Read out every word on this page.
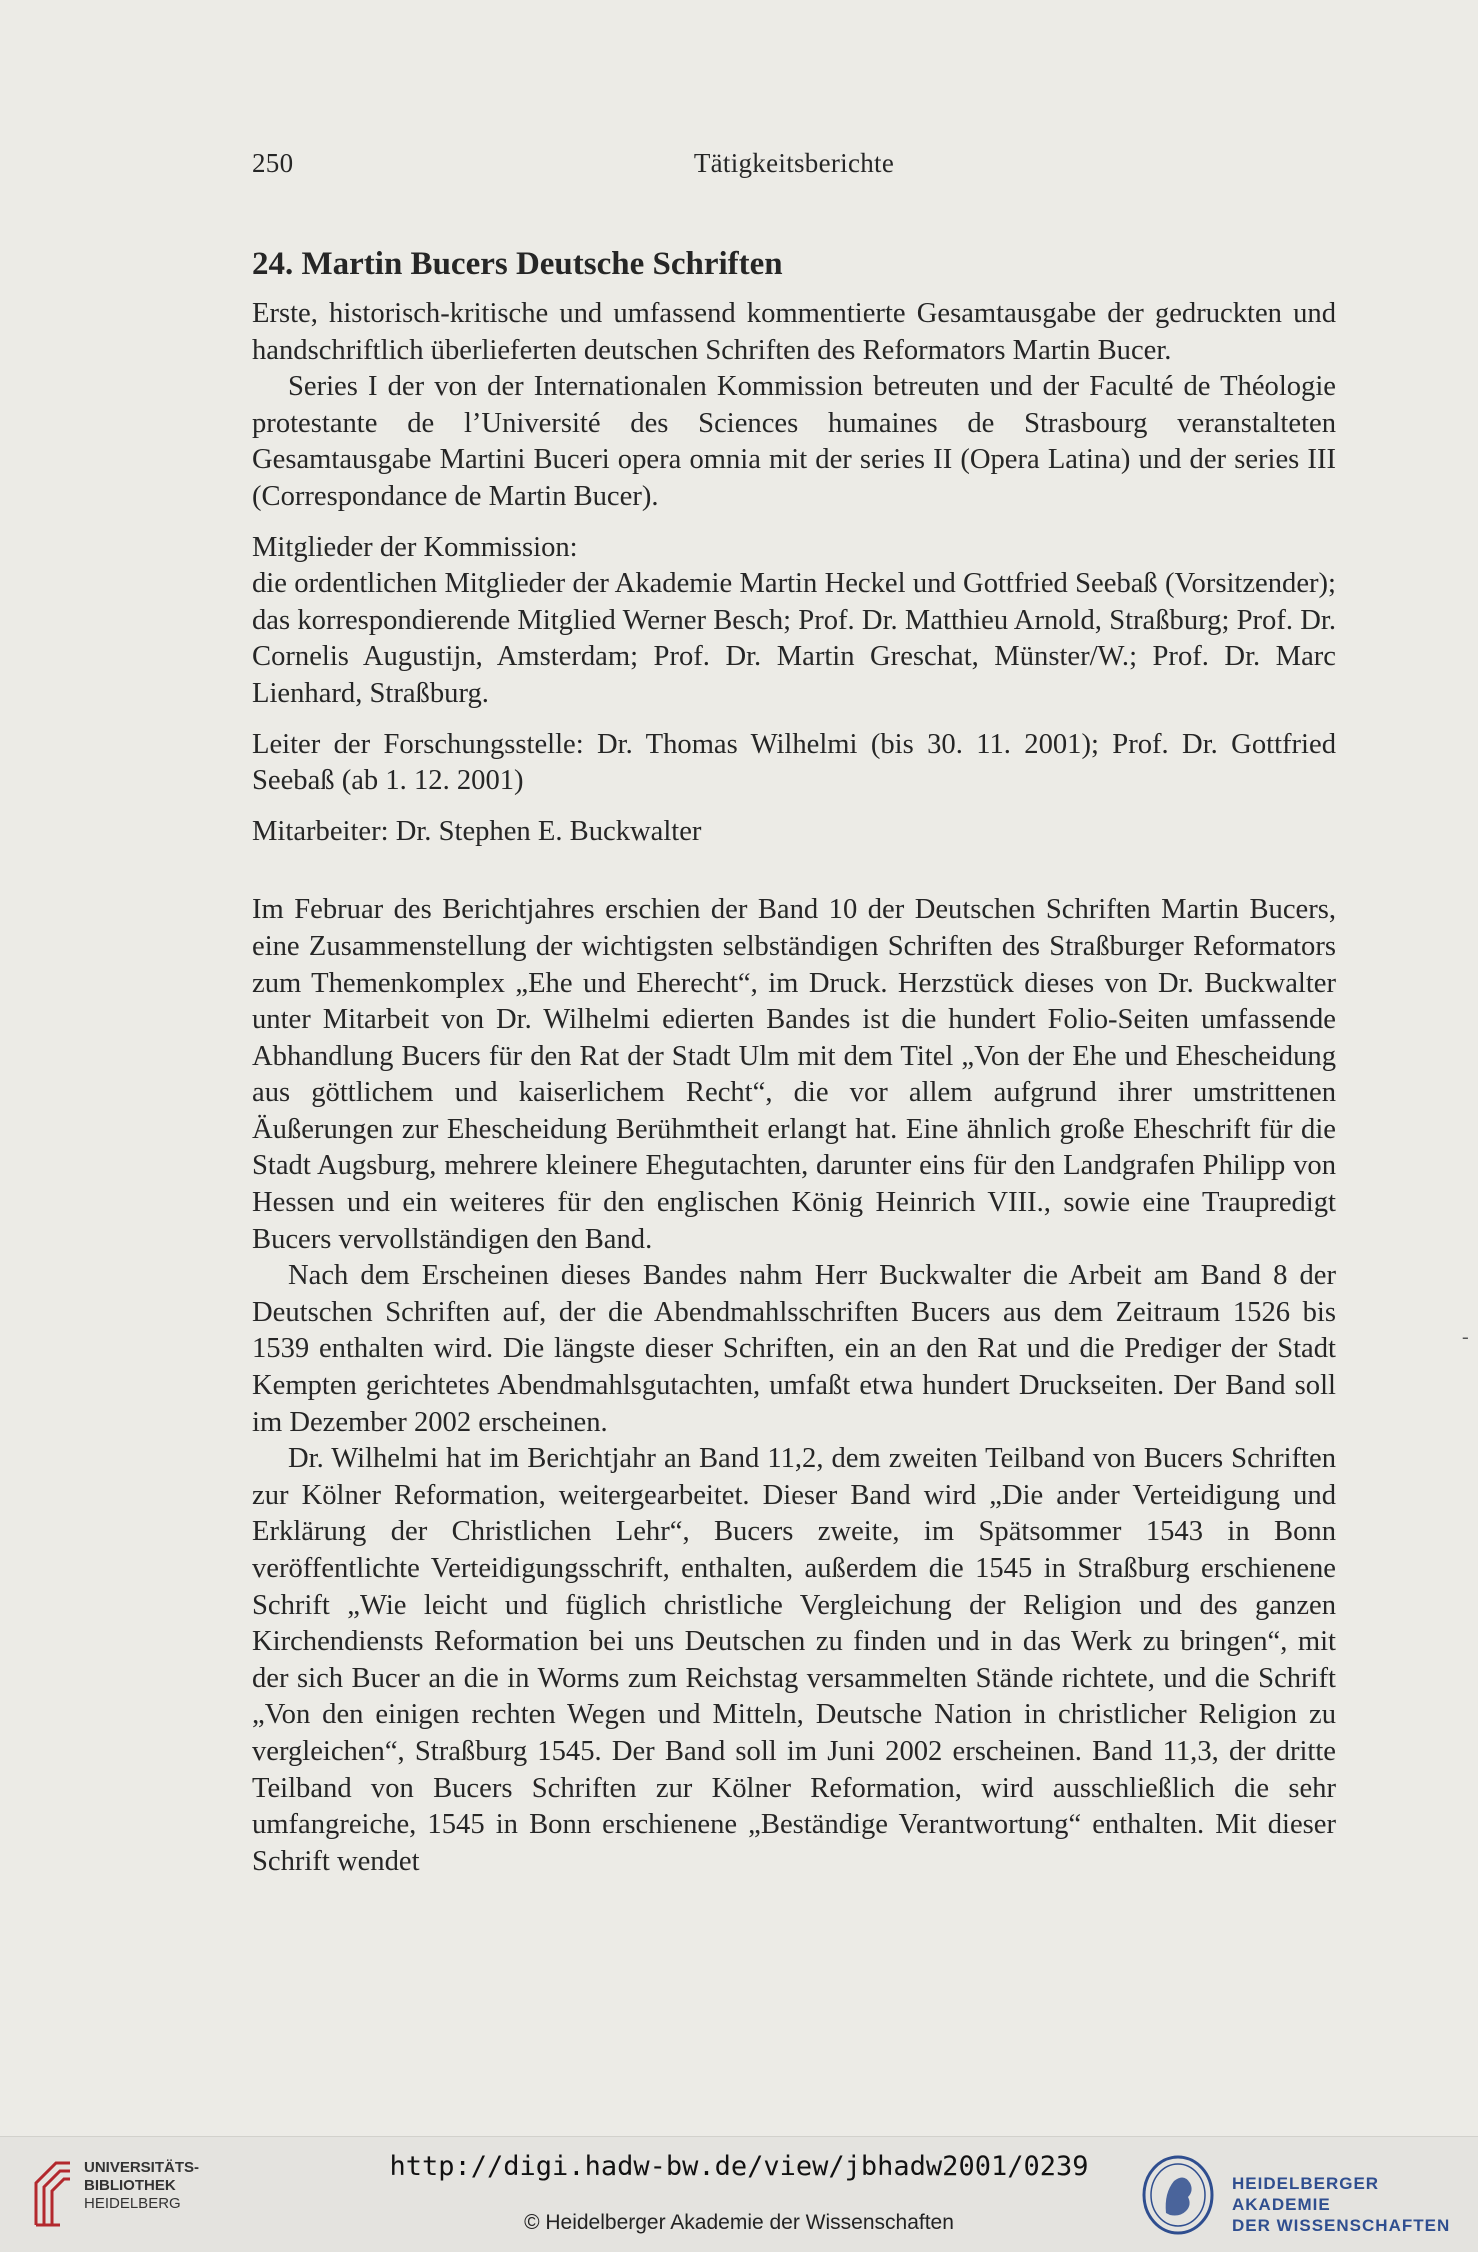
250	Tätigkeitsberichte
24. Martin Bucers Deutsche Schriften

Erste, historisch-kritische und umfassend kommentierte Gesamtausgabe der gedruckten und handschriftlich überlieferten deutschen Schriften des Reformators Martin Bucer.

Series I der von der Internationalen Kommission betreuten und der Faculté de Théologie protestante de l’Université des Sciences humaines de Strasbourg veranstalteten Gesamtausgabe Martini Buceri opera omnia mit der series II (Opera Latina) und der series III (Correspondance de Martin Bucer).

Mitglieder der Kommission:

die ordentlichen Mitglieder der Akademie Martin Heckel und Gottfried Seebaß (Vorsitzender); das korrespondierende Mitglied Werner Besch; Prof. Dr. Matthieu Arnold, Straßburg; Prof. Dr. Cornelis Augustijn, Amsterdam; Prof. Dr. Martin Greschat, Münster/W.; Prof. Dr. Marc Lienhard, Straßburg.

Leiter der Forschungsstelle: Dr. Thomas Wilhelmi (bis 30. 11. 2001); Prof. Dr. Gottfried Seebaß (ab 1. 12. 2001)

Mitarbeiter: Dr. Stephen E. Buckwalter

Im Februar des Berichtjahres erschien der Band 10 der Deutschen Schriften Martin Bucers, eine Zusammenstellung der wichtigsten selbständigen Schriften des Straßburger Reformators zum Themenkomplex „Ehe und Eherecht“, im Druck. Herzstück dieses von Dr. Buckwalter unter Mitarbeit von Dr. Wilhelmi edierten Bandes ist die hundert Folio-Seiten umfassende Abhandlung Bucers für den Rat der Stadt Ulm mit dem Titel „Von der Ehe und Ehescheidung aus göttlichem und kaiserlichem Recht“, die vor allem aufgrund ihrer umstrittenen Äußerungen zur Ehescheidung Berühmtheit erlangt hat. Eine ähnlich große Eheschrift für die Stadt Augsburg, mehrere kleinere Ehegutachten, darunter eins für den Landgrafen Philipp von Hessen und ein weiteres für den englischen König Heinrich VIII., sowie eine Traupredigt Bucers vervollständigen den Band.

Nach dem Erscheinen dieses Bandes nahm Herr Buckwalter die Arbeit am Band 8 der Deutschen Schriften auf, der die Abendmahlsschriften Bucers aus dem Zeitraum 1526 bis 1539 enthalten wird. Die längste dieser Schriften, ein an den Rat und die Prediger der Stadt Kempten gerichtetes Abendmahlsgutachten, umfaßt etwa hundert Druckseiten. Der Band soll im Dezember 2002 erscheinen.

Dr. Wilhelmi hat im Berichtjahr an Band 11,2, dem zweiten Teilband von Bucers Schriften zur Kölner Reformation, weitergearbeitet. Dieser Band wird „Die ander Verteidigung und Erklärung der Christlichen Lehr“, Bucers zweite, im Spätsommer 1543 in Bonn veröffentlichte Verteidigungsschrift, enthalten, außerdem die 1545 in Straßburg erschienene Schrift „Wie leicht und füglich christliche Vergleichung der Religion und des ganzen Kirchendiensts Reformation bei uns Deutschen zu finden und in das Werk zu bringen“, mit der sich Bucer an die in Worms zum Reichstag versammelten Stände richtete, und die Schrift „Von den einigen rechten Wegen und Mitteln, Deutsche Nation in christlicher Religion zu vergleichen“, Straßburg 1545. Der Band soll im Juni 2002 erscheinen. Band 11,3, der dritte Teilband von Bucers Schriften zur Kölner Reformation, wird ausschließlich die sehr umfangreiche, 1545 in Bonn erschienene „Beständige Verantwortung“ enthalten. Mit dieser Schrift wendet

-
UNIVERSITÄTS-
BIBLIOTHEK
HEIDELBERG
http://digi.hadw-bw.de/view/jbhadw2001/0239
© Heidelberger Akademie der Wissenschaften
HEIDELBERGER AKADEMIE
DER WISSENSCHAFTEN
